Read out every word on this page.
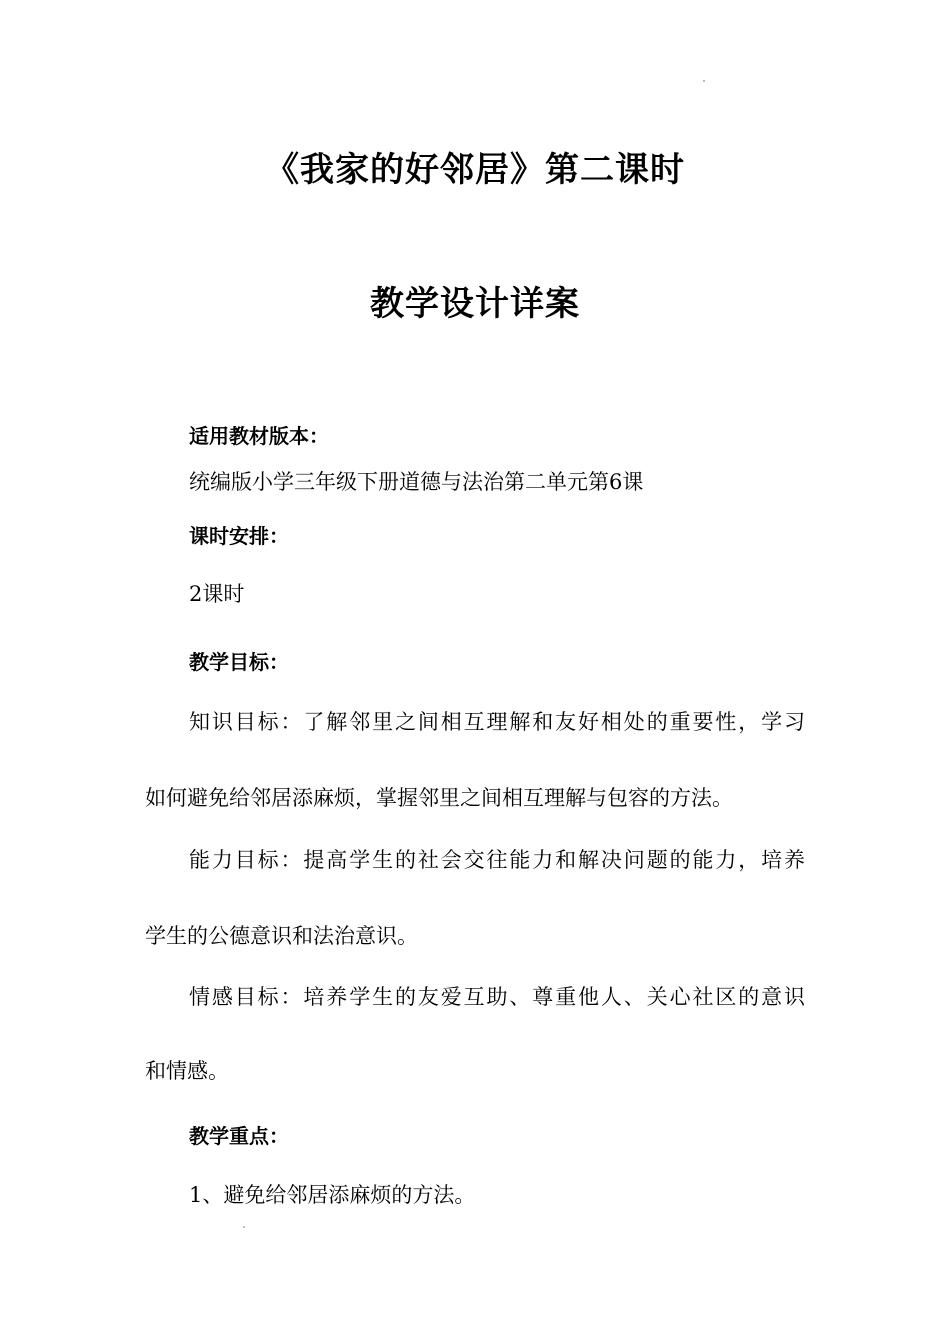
《我家的好邻居》第二课时
教学设计详案
适用教材版本：
统编版小学三年级下册道德与法治第二单元第6课
课时安排：
2课时
教学目标：
知识目标：了解邻里之间相互理解和友好相处的重要性，学习
如何避免给邻居添麻烦，掌握邻里之间相互理解与包容的方法。
能力目标：提高学生的社会交往能力和解决问题的能力，培养
学生的公德意识和法治意识。
情感目标：培养学生的友爱互助、尊重他人、关心社区的意识
和情感。
教学重点：
1、避免给邻居添麻烦的方法。
